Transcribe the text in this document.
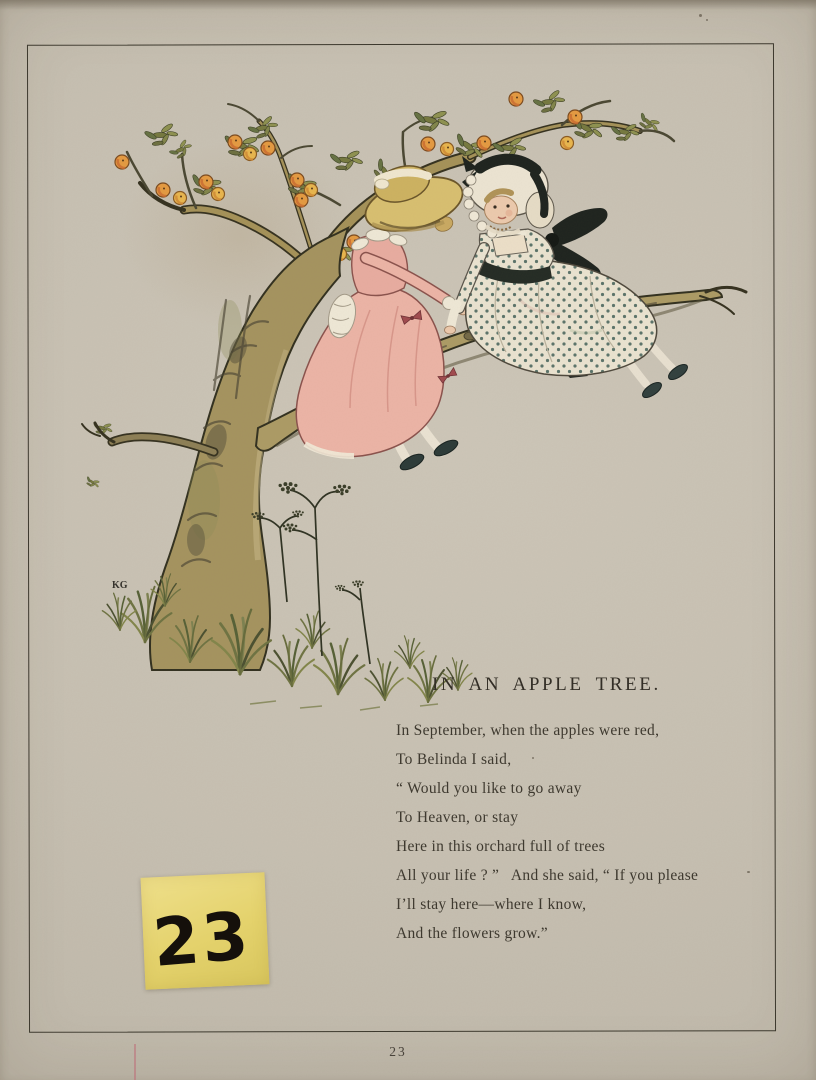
IN AN APPLE TREE.
In September, when the apples were red,
To Belinda I said,
“ Would you like to go away
To Heaven, or stay
Here in this orchard full of trees
All your life ? ”   And she said, “ If you please
I’ll stay here—where I know,
And the flowers grow.”
23
23
